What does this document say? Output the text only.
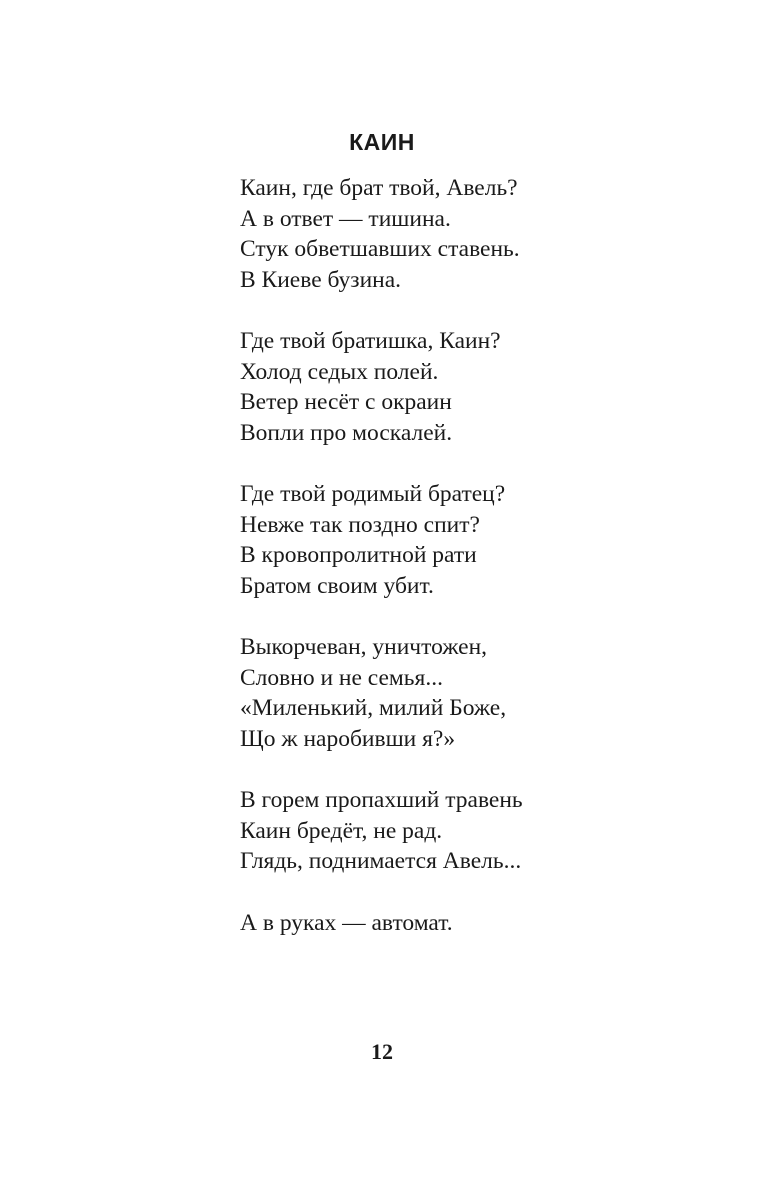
КАИН
Каин, где брат твой, Авель?
А в ответ — тишина.
Стук обветшавших ставень.
В Киеве бузина.
Где твой братишка, Каин?
Холод седых полей.
Ветер несёт с окраин
Вопли про москалей.
Где твой родимый братец?
Невже так поздно спит?
В кровопролитной рати
Братом своим убит.
Выкорчеван, уничтожен,
Словно и не семья...
«Миленький, милий Боже,
Що ж наробивши я?»
В горем пропахший травень
Каин бредёт, не рад.
Глядь, поднимается Авель...
А в руках — автомат.
12
